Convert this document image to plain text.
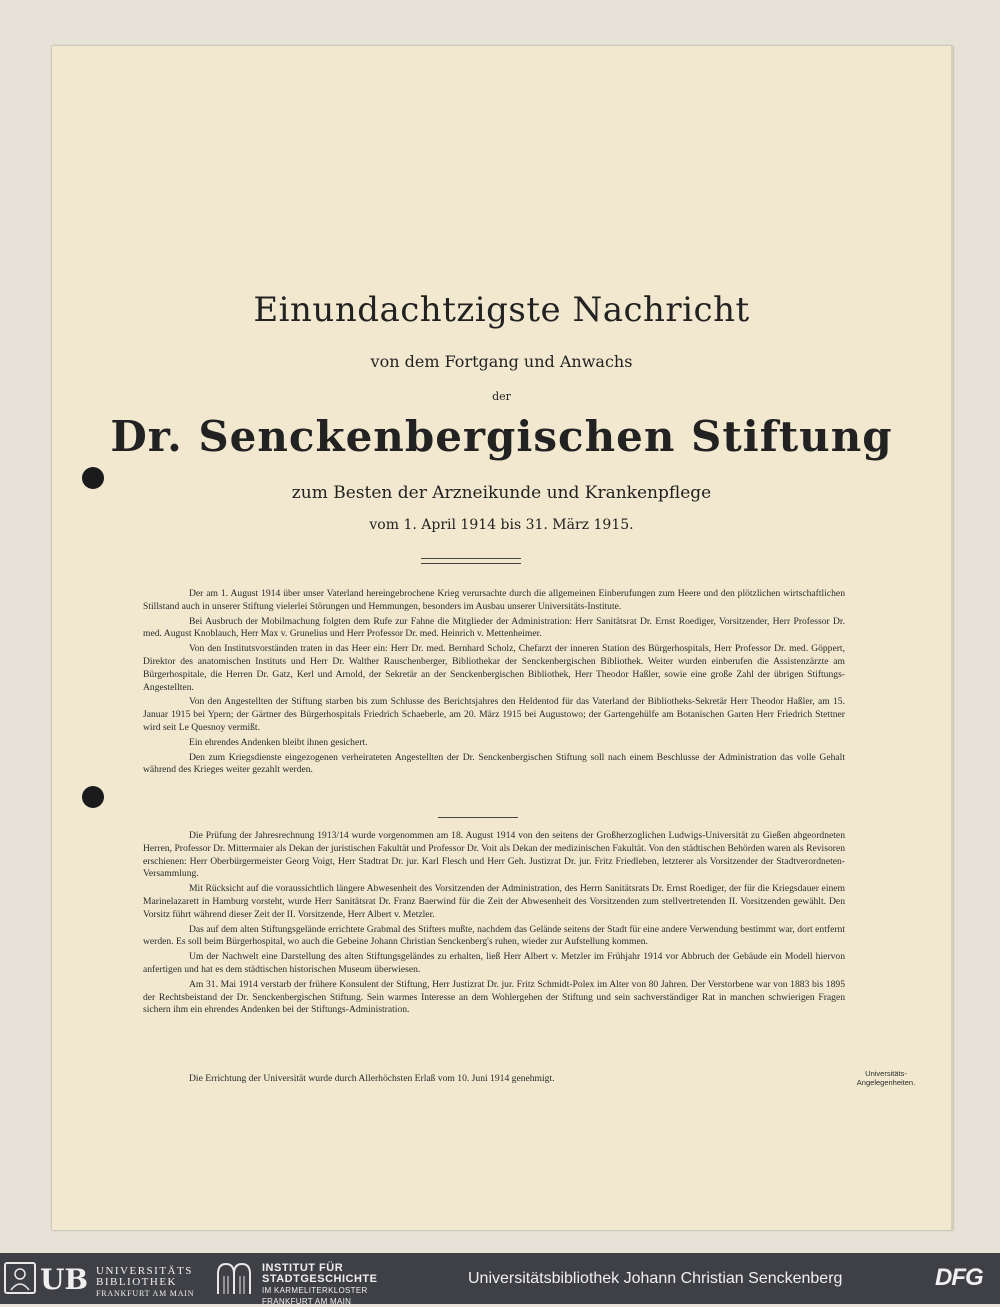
Einundachtzigste Nachricht
von dem Fortgang und Anwachs
der
Dr. Senckenbergischen Stiftung
zum Besten der Arzneikunde und Krankenpflege
vom 1. April 1914 bis 31. März 1915.

Der am 1. August 1914 über unser Vaterland hereingebrochene Krieg verursachte durch die allgemeinen Einberufungen zum Heere und den plötzlichen wirtschaftlichen Stillstand auch in unserer Stiftung vielerlei Störungen und Hemmungen, besonders im Ausbau unserer Universitäts-Institute.

Bei Ausbruch der Mobilmachung folgten dem Rufe zur Fahne die Mitglieder der Administration: Herr Sanitätsrat Dr. Ernst Roediger, Vorsitzender, Herr Professor Dr. med. August Knoblauch, Herr Max v. Grunelius und Herr Professor Dr. med. Heinrich v. Mettenheimer.

Von den Institutsvorständen traten in das Heer ein: Herr Dr. med. Bernhard Scholz, Chefarzt der inneren Station des Bürgerhospitals, Herr Professor Dr. med. Göppert, Direktor des anatomischen Instituts und Herr Dr. Walther Rauschenberger, Bibliothekar der Senckenbergischen Bibliothek. Weiter wurden einberufen die Assistenzärzte am Bürgerhospitale, die Herren Dr. Gatz, Kerl und Arnold, der Sekretär an der Senckenbergischen Bibliothek, Herr Theodor Haßler, sowie eine große Zahl der übrigen Stiftungs-Angestellten.

Von den Angestellten der Stiftung starben bis zum Schlusse des Berichtsjahres den Heldentod für das Vaterland der Bibliotheks-Sekretär Herr Theodor Haßler, am 15. Januar 1915 bei Ypern; der Gärtner des Bürgerhospitals Friedrich Schaeberle, am 20. März 1915 bei Augustowo; der Gartengehülfe am Botanischen Garten Herr Friedrich Stettner wird seit Le Quesnoy vermißt.

Ein ehrendes Andenken bleibt ihnen gesichert.

Den zum Kriegsdienste eingezogenen verheirateten Angestellten der Dr. Senckenbergischen Stiftung soll nach einem Beschlusse der Administration das volle Gehalt während des Krieges weiter gezahlt werden.

Die Prüfung der Jahresrechnung 1913/14 wurde vorgenommen am 18. August 1914 von den seitens der Großherzoglichen Ludwigs-Universität zu Gießen abgeordneten Herren, Professor Dr. Mittermaier als Dekan der juristischen Fakultät und Professor Dr. Voit als Dekan der medizinischen Fakultät. Von den städtischen Behörden waren als Revisoren erschienen: Herr Oberbürgermeister Georg Voigt, Herr Stadtrat Dr. jur. Karl Flesch und Herr Geh. Justizrat Dr. jur. Fritz Friedleben, letzterer als Vorsitzender der Stadtverordneten-Versammlung.

Mit Rücksicht auf die voraussichtlich längere Abwesenheit des Vorsitzenden der Administration, des Herrn Sanitätsrats Dr. Ernst Roediger, der für die Kriegsdauer einem Marinelazarett in Hamburg vorsteht, wurde Herr Sanitätsrat Dr. Franz Baerwind für die Zeit der Abwesenheit des Vorsitzenden zum stellvertretenden II. Vorsitzenden gewählt. Den Vorsitz führt während dieser Zeit der II. Vorsitzende, Herr Albert v. Metzler.

Das auf dem alten Stiftungsgelände errichtete Grabmal des Stifters mußte, nachdem das Gelände seitens der Stadt für eine andere Verwendung bestimmt war, dort entfernt werden. Es soll beim Bürgerhospital, wo auch die Gebeine Johann Christian Senckenberg's ruhen, wieder zur Aufstellung kommen.

Um der Nachwelt eine Darstellung des alten Stiftungsgeländes zu erhalten, ließ Herr Albert v. Metzler im Frühjahr 1914 vor Abbruch der Gebäude ein Modell hiervon anfertigen und hat es dem städtischen historischen Museum überwiesen.

Am 31. Mai 1914 verstarb der frühere Konsulent der Stiftung, Herr Justizrat Dr. jur. Fritz Schmidt-Polex im Alter von 80 Jahren. Der Verstorbene war von 1883 bis 1895 der Rechtsbeistand der Dr. Senckenbergischen Stiftung. Sein warmes Interesse an dem Wohlergehen der Stiftung und sein sachverständiger Rat in manchen schwierigen Fragen sichern ihm ein ehrendes Andenken bei der Stiftungs-Administration.

Die Errichtung der Universität wurde durch Allerhöchsten Erlaß vom 10. Juni 1914 genehmigt.	Universitäts-Angelegenheiten.
UB UNIVERSITÄTS
BIBLIOTHEK
FRANKFURT AM MAIN
INSTITUT FÜR
STADTGESCHICHTE
IM KARMELITERKLOSTER
FRANKFURT AM MAIN
Universitätsbibliothek Johann Christian Senckenberg	DFG
